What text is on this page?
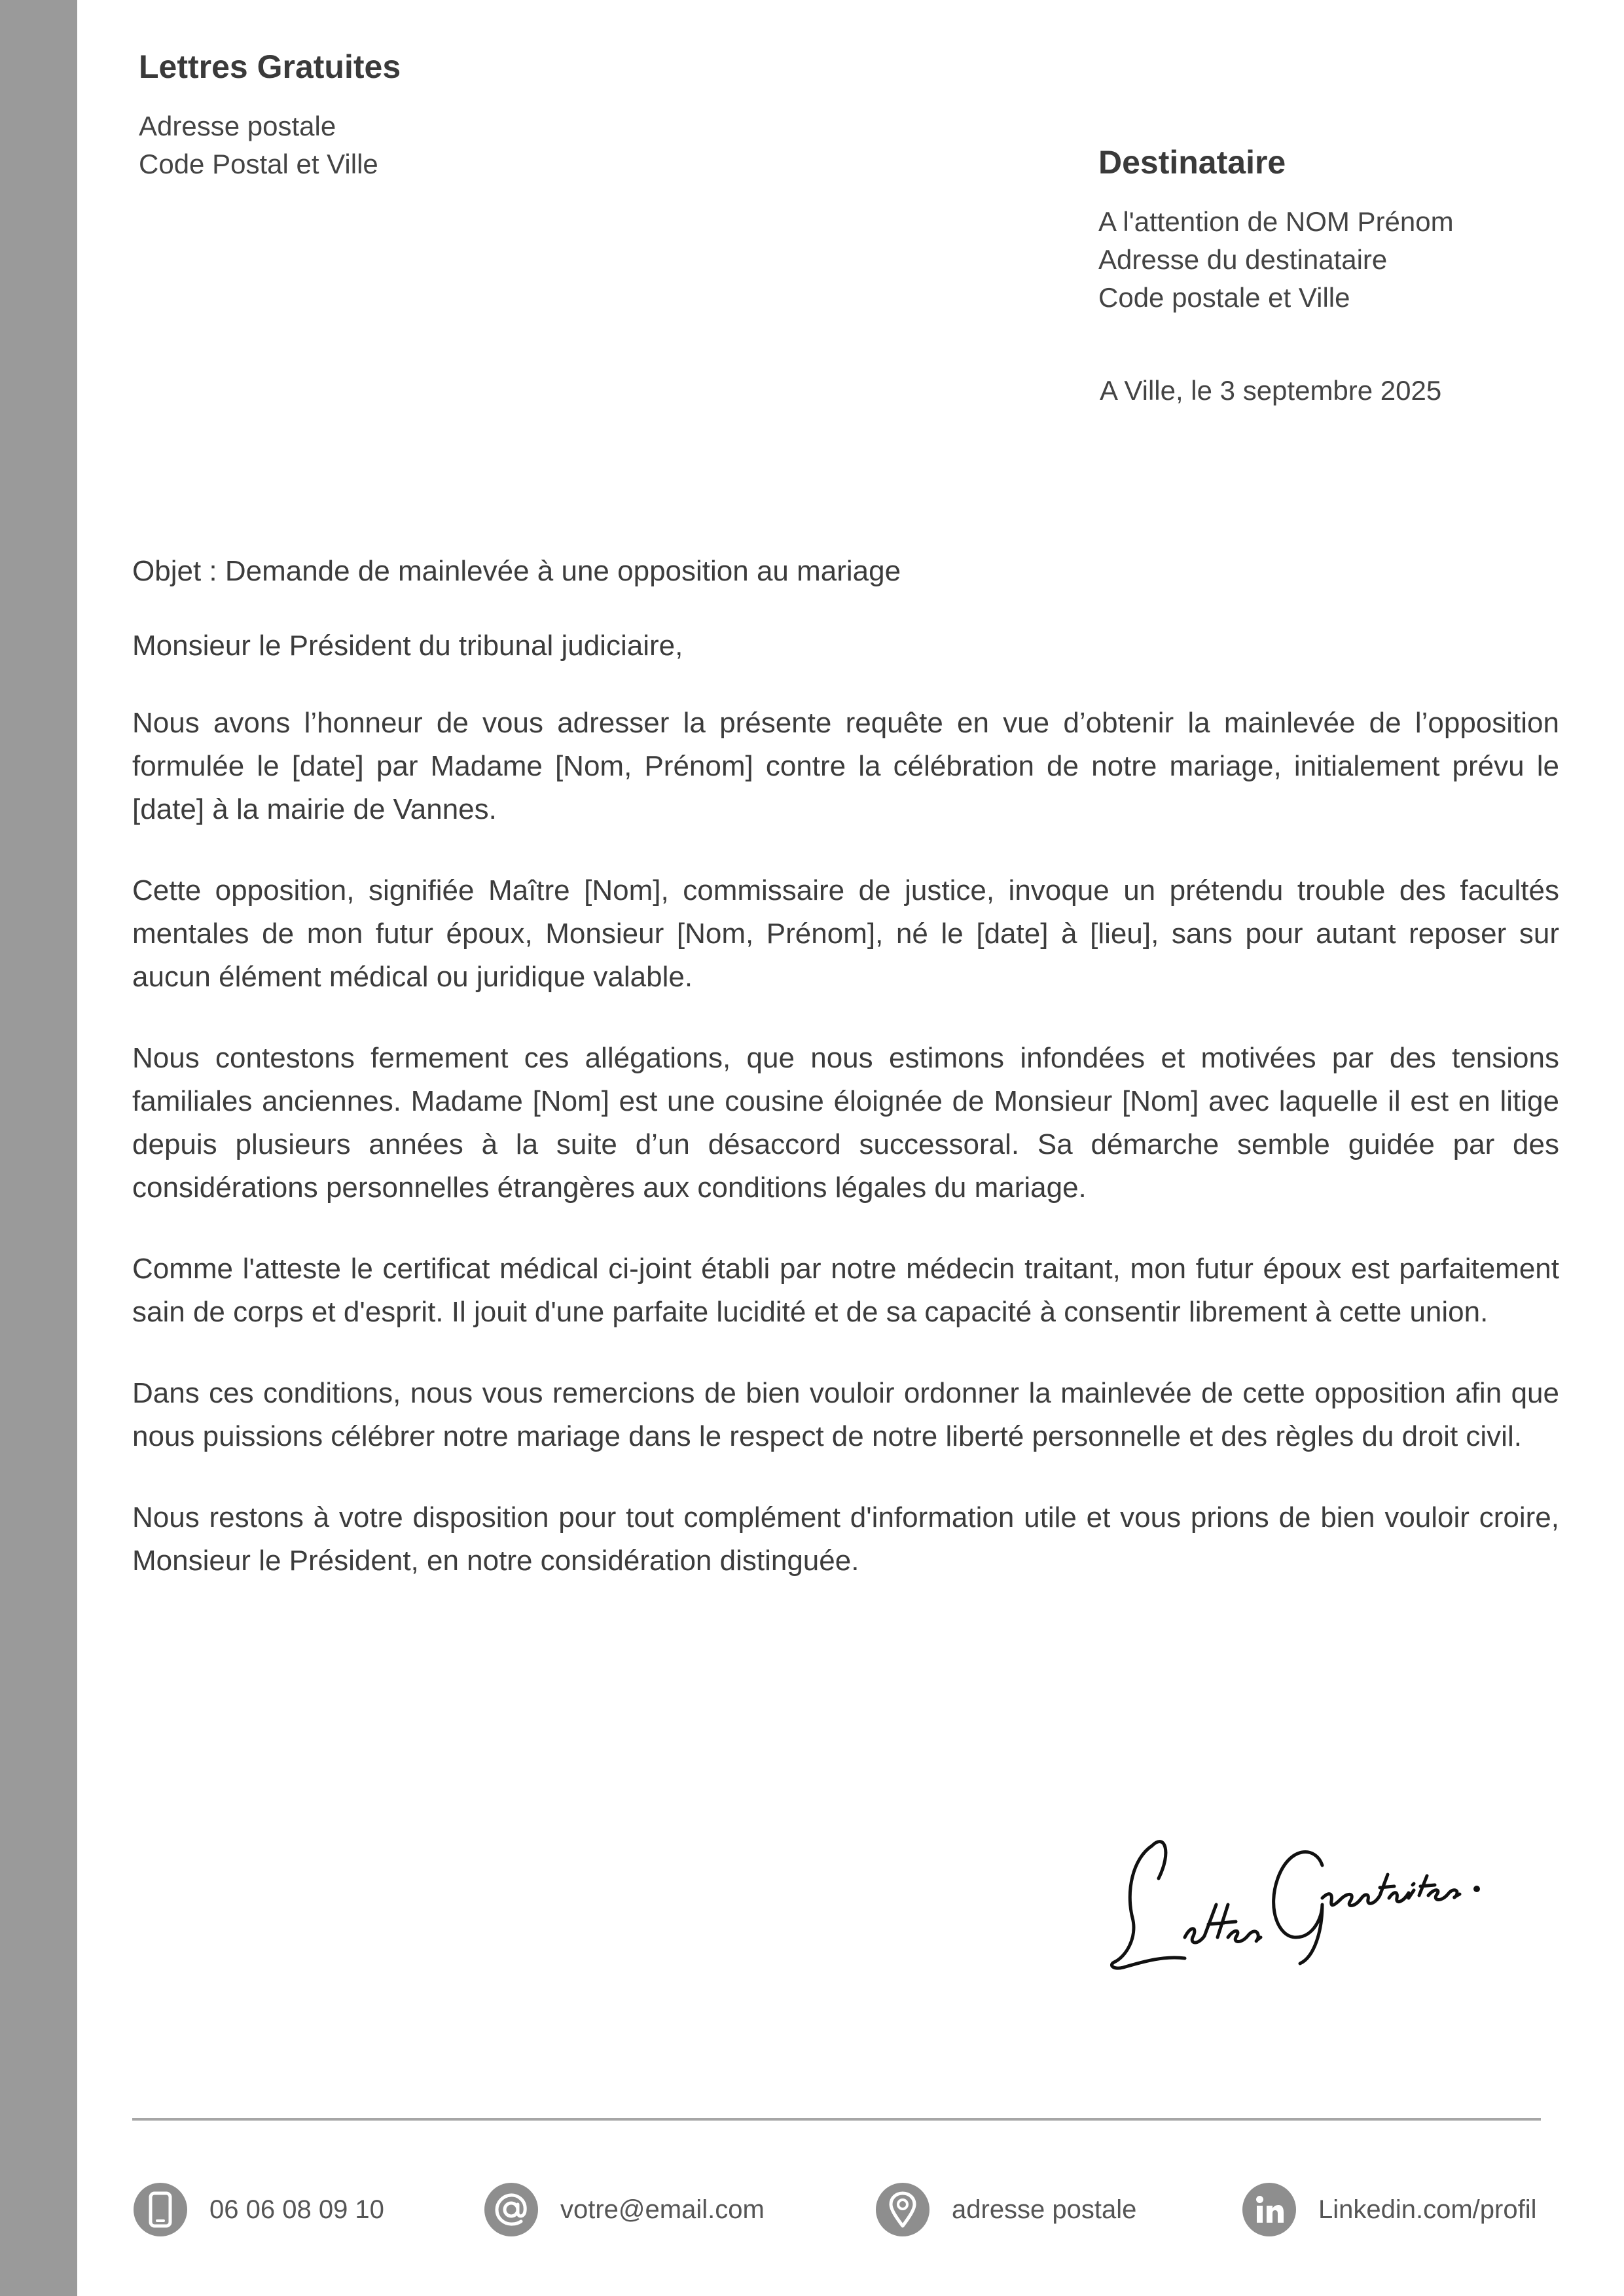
Lettres Gratuites
Adresse postale
Code Postal et Ville	Destinataire
A l'attention de NOM Prénom
Adresse du destinataire
Code postale et Ville
A Ville, le 3 septembre 2025

Objet : Demande de mainlevée à une opposition au mariage

Monsieur le Président du tribunal judiciaire,

Nous avons l’honneur de vous adresser la présente requête en vue d’obtenir la mainlevée de l’opposition formulée le [date] par Madame [Nom, Prénom] contre la célébration de notre mariage, initialement prévu le [date] à la mairie de Vannes.

Cette opposition, signifiée Maître [Nom], commissaire de justice, invoque un prétendu trouble des facultés mentales de mon futur époux, Monsieur [Nom, Prénom], né le [date] à [lieu], sans pour autant reposer sur aucun élément médical ou juridique valable.

Nous contestons fermement ces allégations, que nous estimons infondées et motivées par des tensions familiales anciennes. Madame [Nom] est une cousine éloignée de Monsieur [Nom] avec laquelle il est en litige depuis plusieurs années à la suite d’un désaccord successoral. Sa démarche semble guidée par des considérations personnelles étrangères aux conditions légales du mariage.

Comme l'atteste le certificat médical ci-joint établi par notre médecin traitant, mon futur époux est parfaitement sain de corps et d'esprit. Il jouit d'une parfaite lucidité et de sa capacité à consentir librement à cette union.

Dans ces conditions, nous vous remercions de bien vouloir ordonner la mainlevée de cette opposition afin que nous puissions célébrer notre mariage dans le respect de notre liberté personnelle et des règles du droit civil.

Nous restons à votre disposition pour tout complément d'information utile et vous prions de bien vouloir croire, Monsieur le Président, en notre considération distinguée.

06 06 08 09 10	votre@email.com	adresse postale	Linkedin.com/profil
